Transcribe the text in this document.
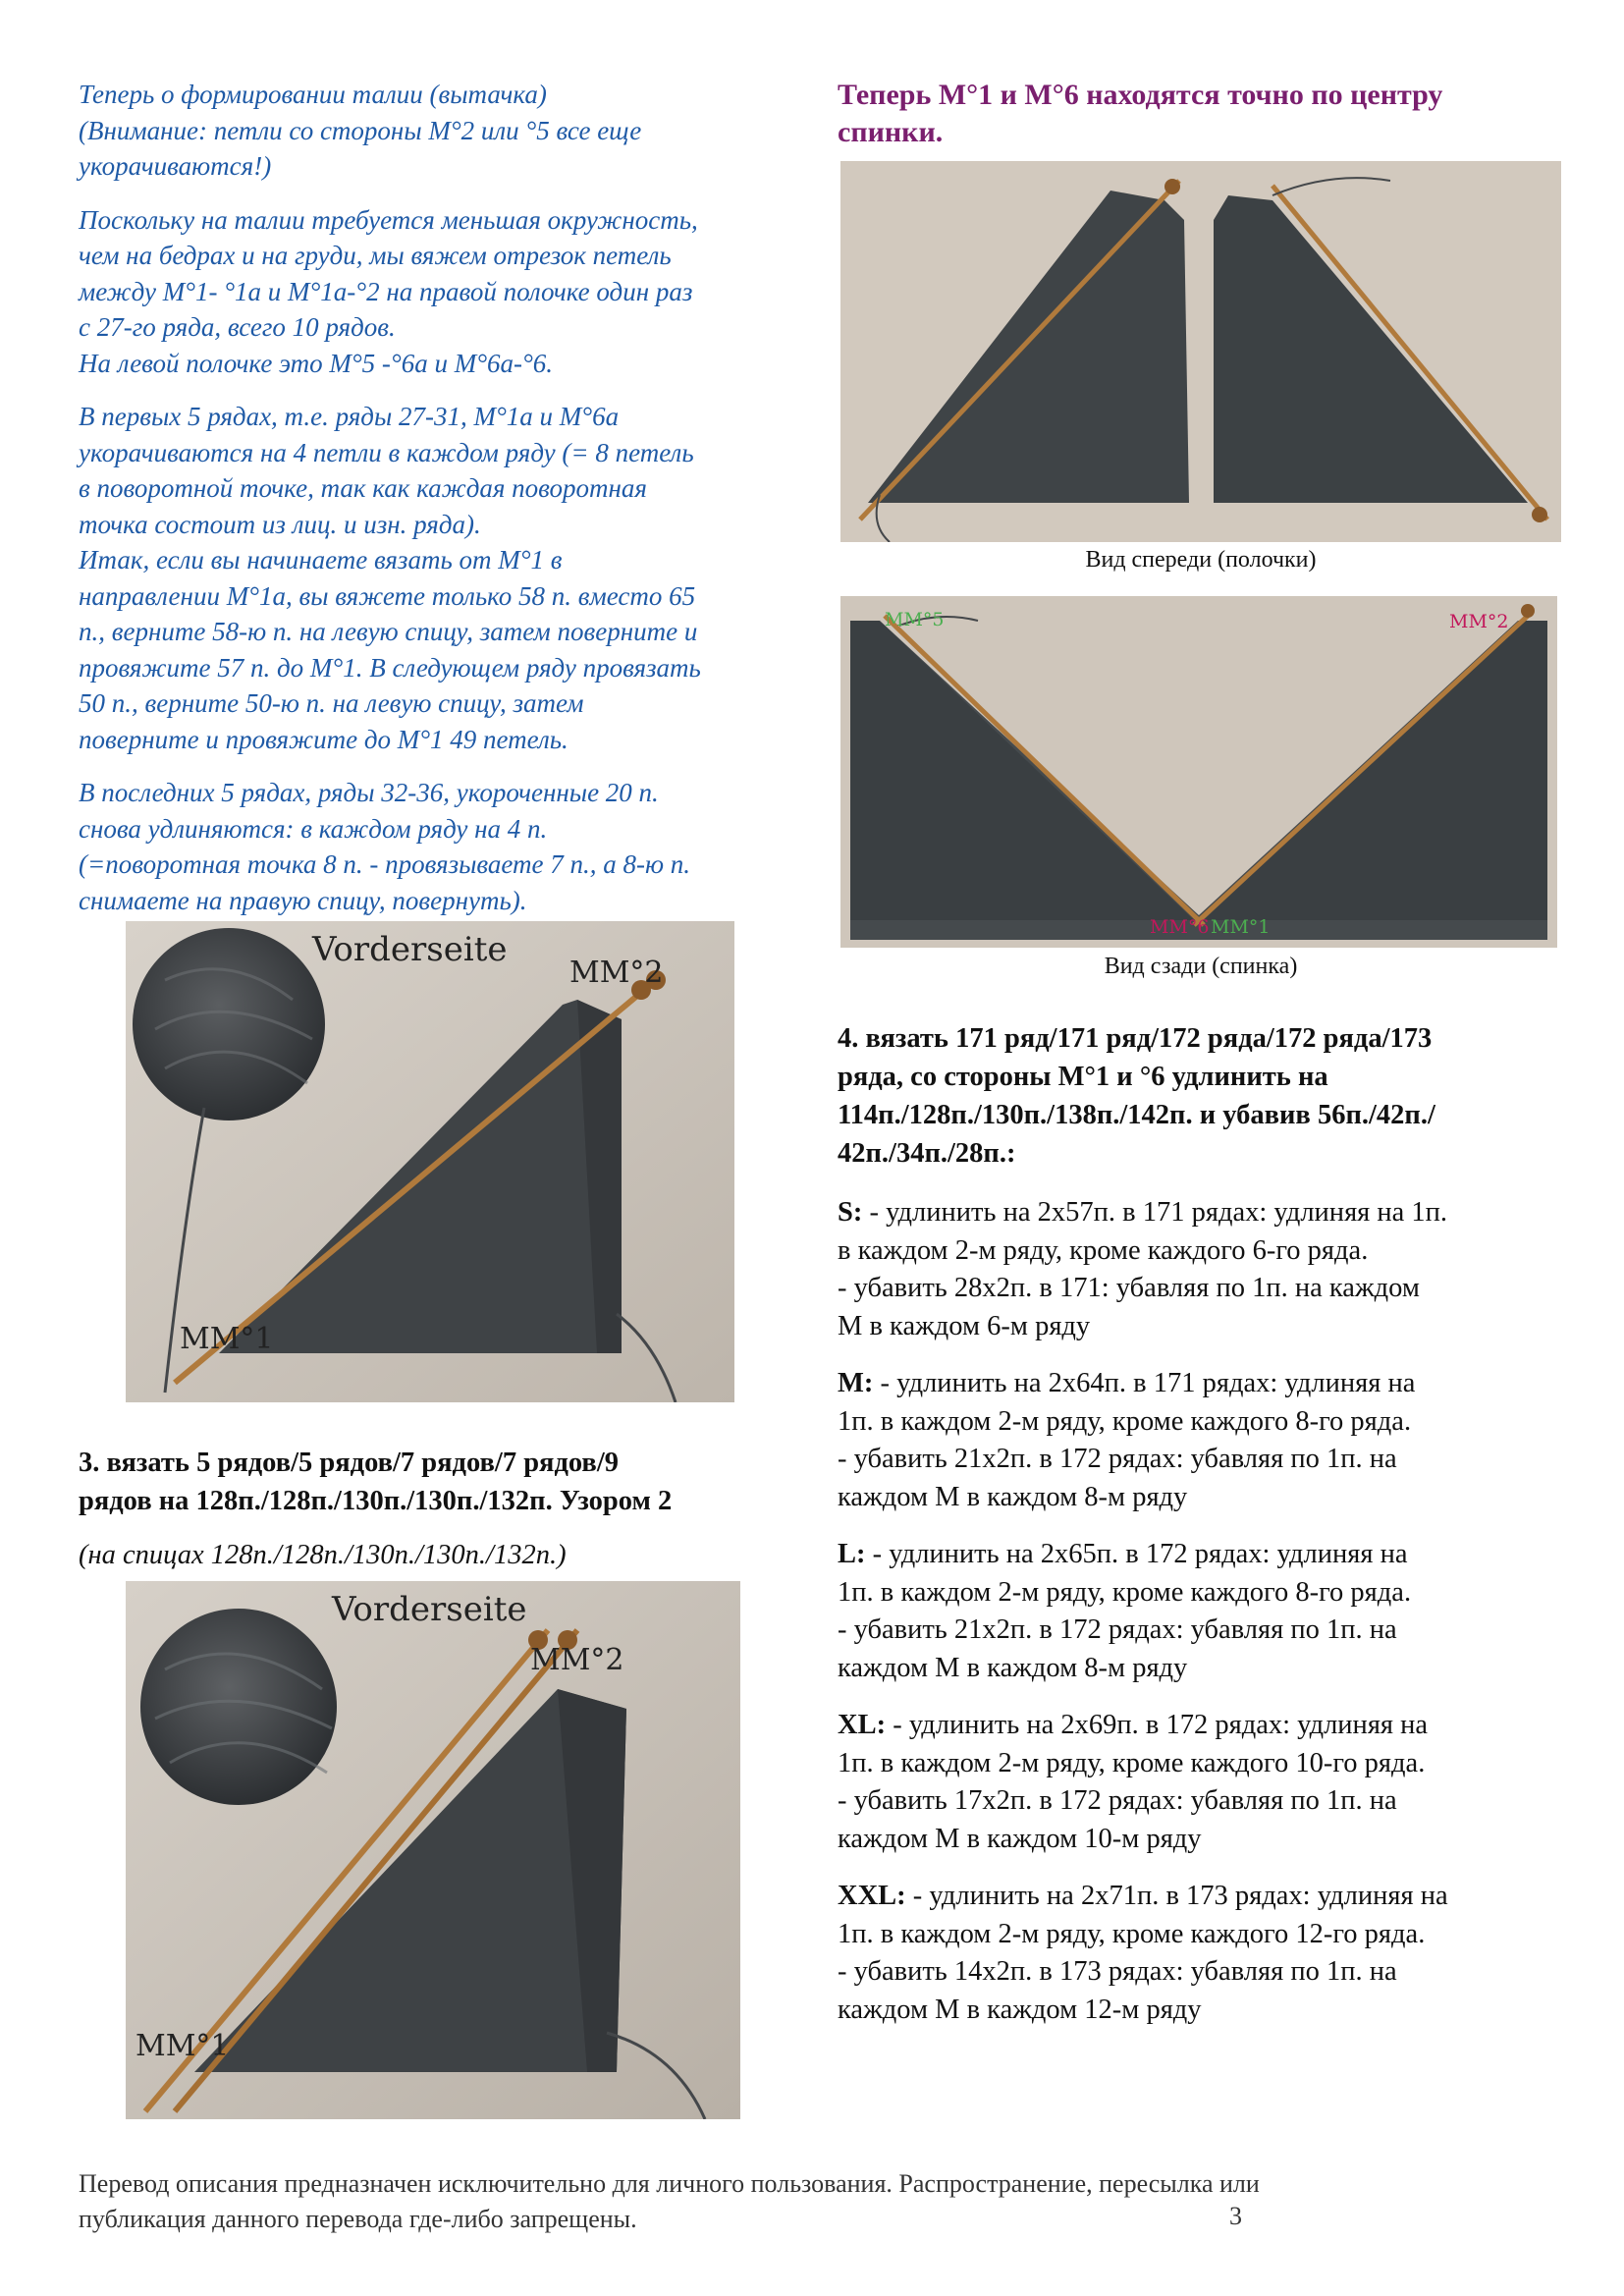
Теперь о формировании талии (вытачка)
(Внимание: петли со стороны М°2 или °5 все еще
укорачиваются!)
Поскольку на талии требуется меньшая окружность,
чем на бедрах и на груди, мы вяжем отрезок петель
между М°1- °1а и М°1а-°2 на правой полочке один раз
с 27-го ряда, всего 10 рядов.
На левой полочке это М°5 -°6а и М°6а-°6.
В первых 5 рядах, т.е. ряды 27-31, М°1а и М°6а
укорачиваются на 4 петли в каждом ряду (= 8 петель
в поворотной точке, так как каждая поворотная
точка состоит из лиц. и изн. ряда).
Итак, если вы начинаете вязать от М°1 в
направлении М°1а, вы вяжете только 58 п. вместо 65
п., верните 58-ю п. на левую спицу, затем поверните и
провяжите 57 п. до М°1. В следующем ряду провязать
50 п., верните 50-ю п. на левую спицу, затем
поверните и провяжите до М°1 49 петель.
В последних 5 рядах, ряды 32-36, укороченные 20 п.
снова удлиняются: в каждом ряду на 4 п.
(=поворотная точка 8 п. - провязываете 7 п., а 8-ю п.
снимаете на правую спицу, повернуть).
Vorderseite
MM°2
MM°1

3. вязать 5 рядов/5 рядов/7 рядов/7 рядов/9
рядов на 128п./128п./130п./130п./132п. Узором 2

(на спицах 128п./128п./130п./130п./132п.)

Vorderseite
MM°2
MM°1

Теперь М°1 и М°6 находятся точно по центру
спинки.

Вид спереди (полочки)
MM°5	MM°2
MM°6 MM°1
Вид сзади (спинка)

4. вязать 171 ряд/171 ряд/172 ряда/172 ряда/173
ряда, со стороны М°1 и °6 удлинить на
114п./128п./130п./138п./142п. и убавив 56п./42п./
42п./34п./28п.:

S: - удлинить на 2х57п. в 171 рядах: удлиняя на 1п.
в каждом 2-м ряду, кроме каждого 6-го ряда.
- убавить 28х2п. в 171: убавляя по 1п. на каждом
М в каждом 6-м ряду
M: - удлинить на 2х64п. в 171 рядах: удлиняя на
1п. в каждом 2-м ряду, кроме каждого 8-го ряда.
- убавить 21х2п. в 172 рядах: убавляя по 1п. на
каждом М в каждом 8-м ряду
L: - удлинить на 2х65п. в 172 рядах: удлиняя на
1п. в каждом 2-м ряду, кроме каждого 8-го ряда.
- убавить 21х2п. в 172 рядах: убавляя по 1п. на
каждом М в каждом 8-м ряду
XL: - удлинить на 2х69п. в 172 рядах: удлиняя на
1п. в каждом 2-м ряду, кроме каждого 10-го ряда.
- убавить 17х2п. в 172 рядах: убавляя по 1п. на
каждом М в каждом 10-м ряду
XXL: - удлинить на 2х71п. в 173 рядах: удлиняя на
1п. в каждом 2-м ряду, кроме каждого 12-го ряда.
- убавить 14х2п. в 173 рядах: убавляя по 1п. на
каждом М в каждом 12-м ряду
Перевод описания предназначен исключительно для личного пользования. Распространение, пересылка или
публикация данного перевода где-либо запрещены.	3
